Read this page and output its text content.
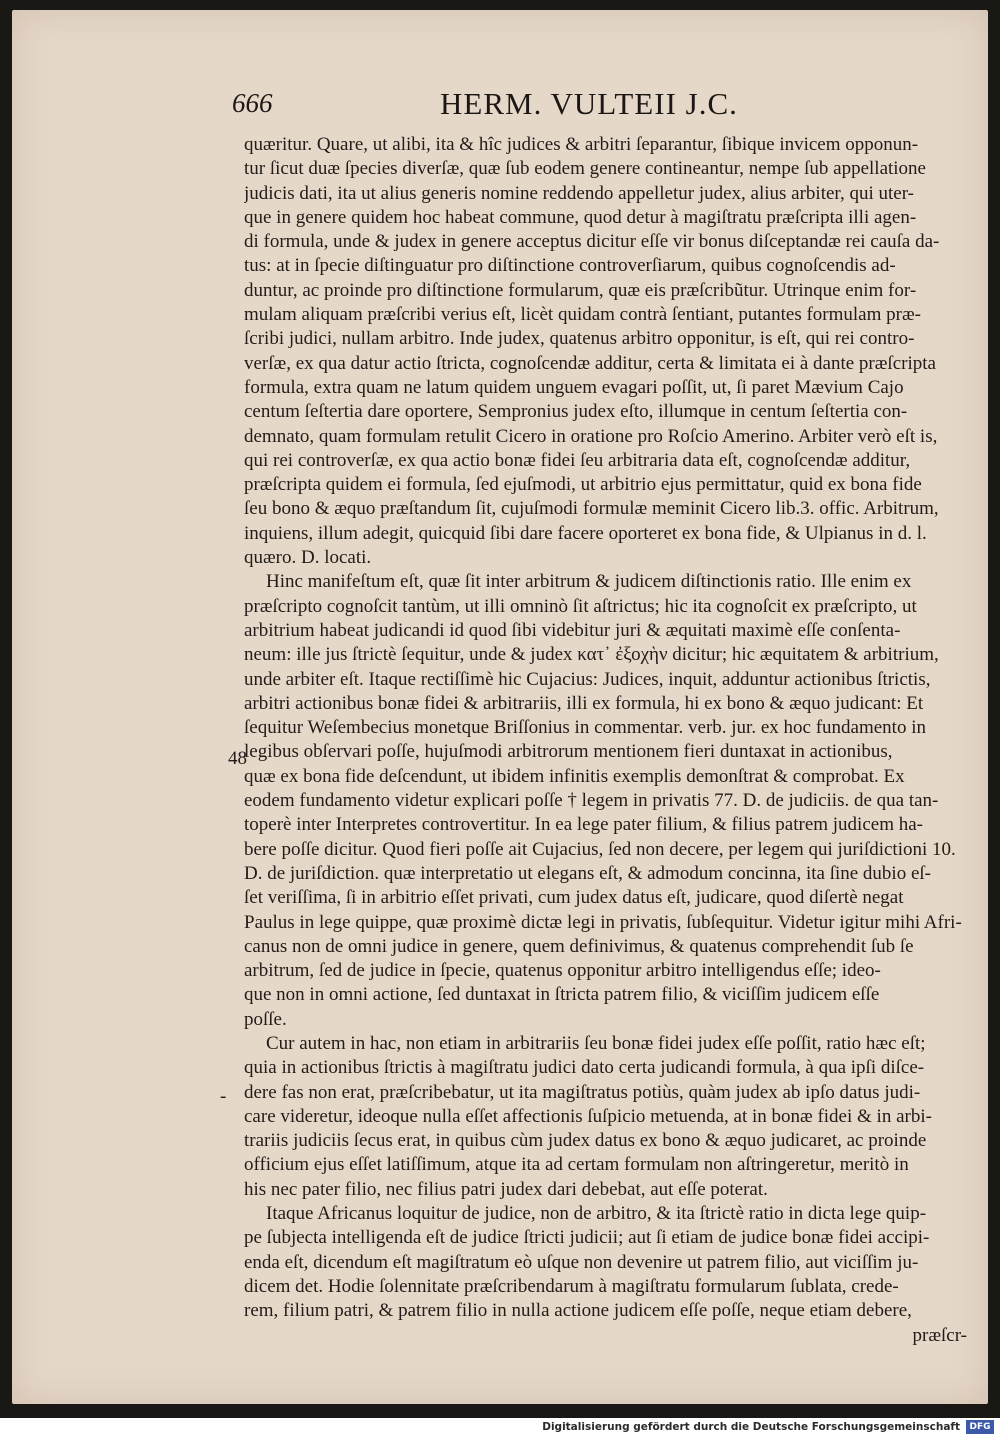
666	HERM. VULTEII J.C.
48
-
quæritur. Quare, ut alibi, ita & hîc judices & arbitri ſeparantur, ſibique invicem opponun-
tur ſicut duæ ſpecies diverſæ, quæ ſub eodem genere contineantur, nempe ſub appellatione
judicis dati, ita ut alius generis nomine reddendo appelletur judex, alius arbiter, qui uter-
que in genere quidem hoc habeat commune, quod detur à magiſtratu præſcripta illi agen-
di formula, unde & judex in genere acceptus dicitur eſſe vir bonus diſceptandæ rei cauſa da-
tus: at in ſpecie diſtinguatur pro diſtinctione controverſiarum, quibus cognoſcendis ad-
duntur, ac proinde pro diſtinctione formularum, quæ eis præſcribũtur. Utrinque enim for-
mulam aliquam præſcribi verius eſt, licèt quidam contrà ſentiant, putantes formulam præ-
ſcribi judici, nullam arbitro. Inde judex, quatenus arbitro opponitur, is eſt, qui rei contro-
verſæ, ex qua datur actio ſtricta, cognoſcendæ additur, certa & limitata ei à dante præſcripta
formula, extra quam ne latum quidem unguem evagari poſſit, ut, ſi paret Mævium Cajo
centum ſeſtertia dare oportere, Sempronius judex eſto, illumque in centum ſeſtertia con-
demnato, quam formulam retulit Cicero in oratione pro Roſcio Amerino. Arbiter verò eſt is,
qui rei controverſæ, ex qua actio bonæ fidei ſeu arbitraria data eſt, cognoſcendæ additur,
præſcripta quidem ei formula, ſed ejuſmodi, ut arbitrio ejus permittatur, quid ex bona fide
ſeu bono & æquo præſtandum ſit, cujuſmodi formulæ meminit Cicero lib.3. offic. Arbitrum,
inquiens, illum adegit, quicquid ſibi dare facere oporteret ex bona fide, & Ulpianus in d. l.
quæro. D. locati.
Hinc manifeſtum eſt, quæ ſit inter arbitrum & judicem diſtinctionis ratio. Ille enim ex
præſcripto cognoſcit tantùm, ut illi omninò ſit aſtrictus; hic ita cognoſcit ex præſcripto, ut
arbitrium habeat judicandi id quod ſibi videbitur juri & æquitati maximè eſſe conſenta-
neum: ille jus ſtrictè ſequitur, unde & judex κατ᾽ ἐξοχὴν dicitur; hic æquitatem & arbitrium,
unde arbiter eſt. Itaque rectiſſimè hic Cujacius: Judices, inquit, adduntur actionibus ſtrictis,
arbitri actionibus bonæ fidei & arbitrariis, illi ex formula, hi ex bono & æquo judicant: Et
ſequitur Weſembecius monetque Briſſonius in commentar. verb. jur. ex hoc fundamento in
legibus obſervari poſſe, hujuſmodi arbitrorum mentionem fieri duntaxat in actionibus,
quæ ex bona fide deſcendunt, ut ibidem infinitis exemplis demonſtrat & comprobat. Ex
eodem fundamento videtur explicari poſſe † legem in privatis 77. D. de judiciis. de qua tan-
toperè inter Interpretes controvertitur. In ea lege pater filium, & filius patrem judicem ha-
bere poſſe dicitur. Quod fieri poſſe ait Cujacius, ſed non decere, per legem qui juriſdictioni 10.
D. de juriſdiction. quæ interpretatio ut elegans eſt, & admodum concinna, ita ſine dubio eſ-
ſet veriſſima, ſi in arbitrio eſſet privati, cum judex datus eſt, judicare, quod diſertè negat
Paulus in lege quippe, quæ proximè dictæ legi in privatis, ſubſequitur. Videtur igitur mihi Afri-
canus non de omni judice in genere, quem definivimus, & quatenus comprehendit ſub ſe
arbitrum, ſed de judice in ſpecie, quatenus opponitur arbitro intelligendus eſſe; ideo-
que non in omni actione, ſed duntaxat in ſtricta patrem filio, & viciſſim judicem eſſe
poſſe.
Cur autem in hac, non etiam in arbitrariis ſeu bonæ fidei judex eſſe poſſit, ratio hæc eſt;
quia in actionibus ſtrictis à magiſtratu judici dato certa judicandi formula, à qua ipſi diſce-
dere fas non erat, præſcribebatur, ut ita magiſtratus potiùs, quàm judex ab ipſo datus judi-
care videretur, ideoque nulla eſſet affectionis ſuſpicio metuenda, at in bonæ fidei & in arbi-
trariis judiciis ſecus erat, in quibus cùm judex datus ex bono & æquo judicaret, ac proinde
officium ejus eſſet latiſſimum, atque ita ad certam formulam non aſtringeretur, meritò in
his nec pater filio, nec filius patri judex dari debebat, aut eſſe poterat.
Itaque Africanus loquitur de judice, non de arbitro, & ita ſtrictè ratio in dicta lege quip-
pe ſubjecta intelligenda eſt de judice ſtricti judicii; aut ſi etiam de judice bonæ fidei accipi-
enda eſt, dicendum eſt magiſtratum eò uſque non devenire ut patrem filio, aut viciſſim ju-
dicem det. Hodie ſolennitate præſcribendarum à magiſtratu formularum ſublata, crede-
rem, filium patri, & patrem filio in nulla actione judicem eſſe poſſe, neque etiam debere,
præſcr-
Digitalisierung gefördert durch die Deutsche Forschungsgemeinschaft	DFG
